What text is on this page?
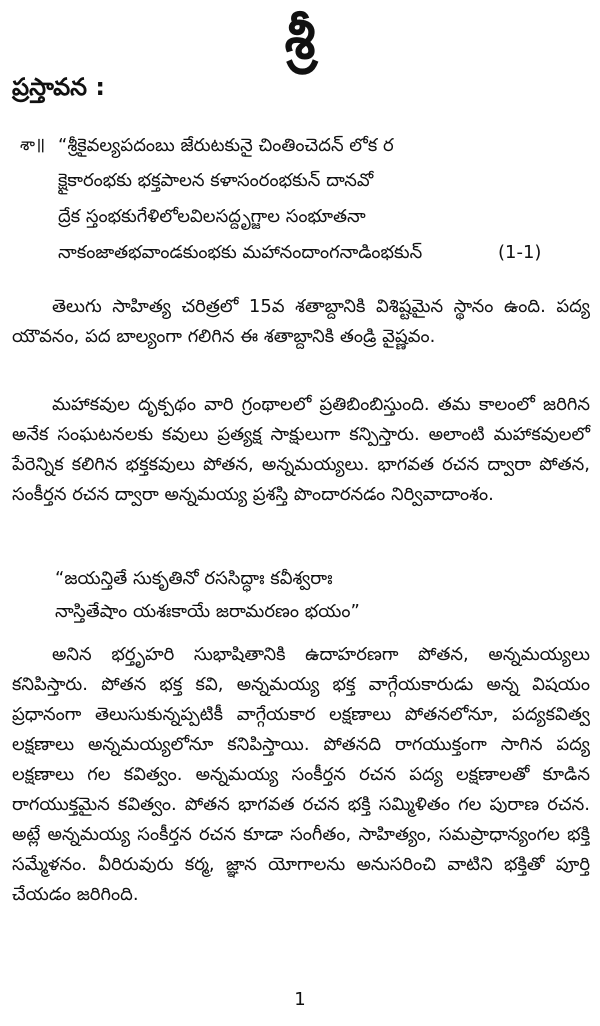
శ్రీ
ప్రస్తావన :
శా॥ “శ్రీకైవల్యపదంబు జేరుటకునై చింతించెదన్ లోక ర
క్షైకారంభకు భక్తపాలన కళాసంరంభకున్ దానవో
ద్రేక స్తంభకుగేళిలోలవిలసద్దృగ్జాల సంభూతనా
నాకంజాతభవాండకుంభకు మహానందాంగనాడింభకున్	(1-1)

తెలుగు సాహిత్య చరిత్రలో 15వ శతాబ్దానికి విశిష్టమైన స్థానం ఉంది. పద్య యౌవనం, పద బాల్యంగా గలిగిన ఈ శతాబ్దానికి తండ్రి వైష్ణవం.

మహాకవుల దృక్పథం వారి గ్రంథాలలో ప్రతిబింబిస్తుంది. తమ కాలంలో జరిగిన అనేక సంఘటనలకు కవులు ప్రత్యక్ష సాక్షులుగా కన్పిస్తారు. అలాంటి మహాకవులలో పేరెన్నిక కలిగిన భక్తకవులు పోతన, అన్నమయ్యలు. భాగవత రచన ద్వారా పోతన, సంకీర్తన రచన ద్వారా అన్నమయ్య ప్రశస్తి పొందారనడం నిర్వివాదాంశం.

“జయన్తితే సుకృతినో రససిద్ధాః కవీశ్వరాః
నాస్తితేషాం యశఃకాయే జరామరణం భయం”

అనిన భర్తృహరి సుభాషితానికి ఉదాహరణగా పోతన, అన్నమయ్యలు కనిపిస్తారు. పోతన భక్త కవి, అన్నమయ్య భక్త వాగ్గేయకారుడు అన్న విషయం ప్రధానంగా తెలుసుకున్నప్పటికీ వాగ్గేయకార లక్షణాలు పోతనలోనూ, పద్యకవిత్వ లక్షణాలు అన్నమయ్యలోనూ కనిపిస్తాయి. పోతనది రాగయుక్తంగా సాగిన పద్య లక్షణాలు గల కవిత్వం. అన్నమయ్య సంకీర్తన రచన పద్య లక్షణాలతో కూడిన రాగయుక్తమైన కవిత్వం. పోతన భాగవత రచన భక్తి సమ్మిళితం గల పురాణ రచన. అట్లే అన్నమయ్య సంకీర్తన రచన కూడా సంగీతం, సాహిత్యం, సమప్రాధాన్యంగల భక్తి సమ్మేళనం. వీరిరువురు కర్మ, జ్ఞాన యోగాలను అనుసరించి వాటిని భక్తితో పూర్తి చేయడం జరిగింది.

1
